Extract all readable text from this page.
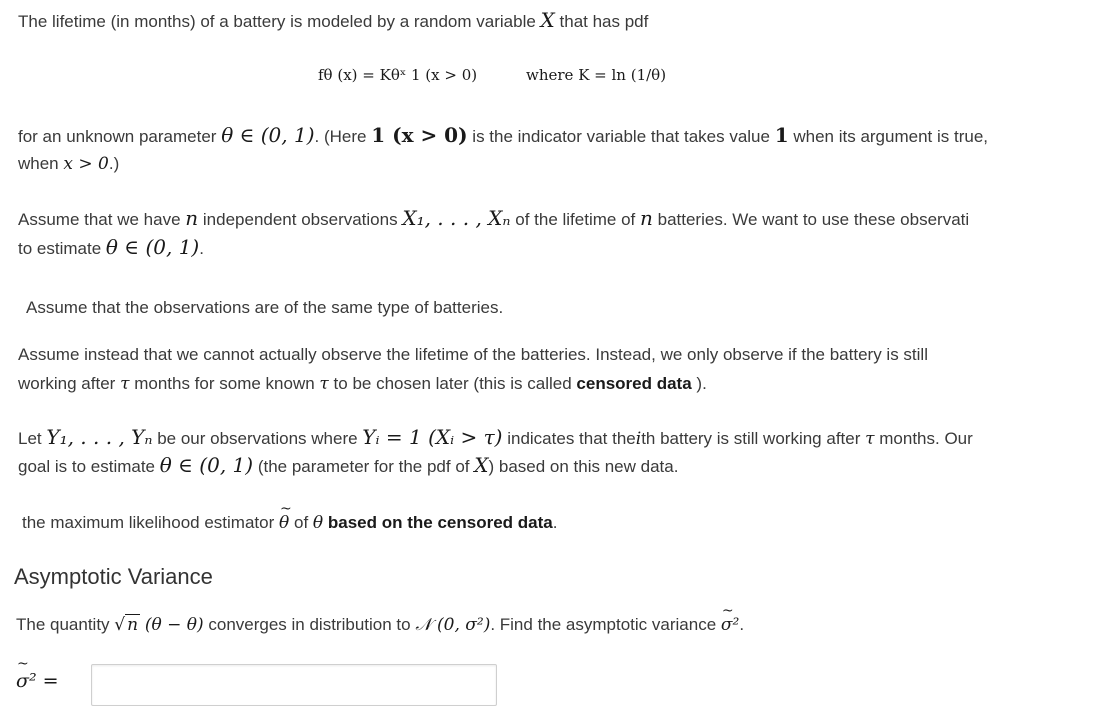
The lifetime (in months) of a battery is modeled by a random variable X that has pdf
fθ (x) = Kθˣ 1 (x > 0)	where K = ln (1/θ)
for an unknown parameter θ ∈ (0, 1). (Here 1 (x > 0) is the indicator variable that takes value 1 when its argument is true,
when x > 0.)
Assume that we have n independent observations X₁, . . . , Xₙ of the lifetime of n batteries. We want to use these observati
to estimate θ ∈ (0, 1).
Assume that the observations are of the same type of batteries.
Assume instead that we cannot actually observe the lifetime of the batteries. Instead, we only observe if the battery is still
working after τ months for some known τ to be chosen later (this is called censored data ).
Let Y₁, . . . , Yₙ be our observations where Yᵢ = 1 (Xᵢ > τ) indicates that theith battery is still working after τ months. Our
goal is to estimate θ ∈ (0, 1) (the parameter for the pdf of X) based on this new data.
the maximum likelihood estimator ~ θ of θ based on the censored data.
Asymptotic Variance
The quantity √ n (θ − θ) converges in distribution to 𝒩 (0, σ²). Find the asymptotic variance ~ σ².
~ σ² =
